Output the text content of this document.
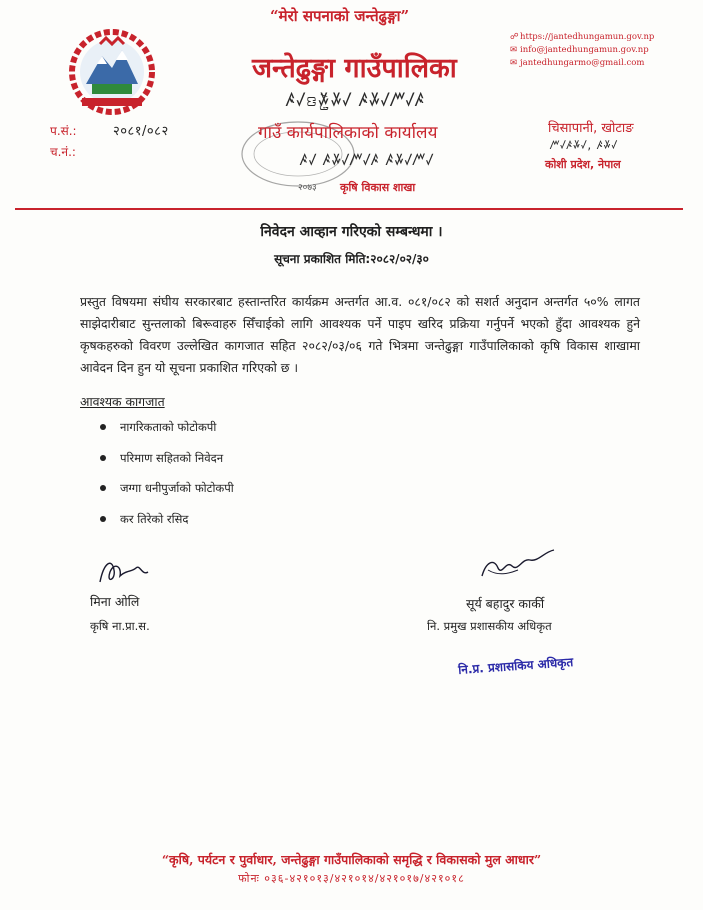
“मेरो सपनाको जन्तेढुङ्गा”
जन्तेढुङ्गा गाउँपालिका
ꤴꤶꤢꤸꤧ꤭ꤸꤶ ꤴꤸꤶꤻꤶꤴ
गाउँ कार्यपालिकाको कार्यालय
ꤴꤶ ꤴꤸꤶꤻꤶꤴ ꤴꤸꤶꤻꤶ
२०७३ कृषि विकास शाखा
☍https://jantedhungamun.gov.np
✉ info@jantedhungamun.gov.np
✉ jantedhungarmo@gmail.com
प.सं.:	२०८१/०८२
च.नं.:
चिसापानी, खोटाङ
ꤻꤶꤴꤸꤶ, ꤴꤸꤶ
कोशी प्रदेश, नेपाल
निवेदन आव्हान गरिएको सम्बन्धमा ।
सूचना प्रकाशित मिति:२०८२/०२/३०
प्रस्तुत विषयमा संघीय सरकारबाट हस्तान्तरित कार्यक्रम अन्तर्गत आ.व. ०८१/०८२ को सशर्त अनुदान अन्तर्गत ५०% लागत साझेदारीबाट सुन्तलाको बिरूवाहरु सिँचाईको लागि आवश्यक पर्ने पाइप खरिद प्रक्रिया गर्नुपर्ने भएको हुँदा आवश्यक हुने कृषकहरुको विवरण उल्लेखित कागजात सहित २०८२/०३/०६ गते भित्रमा जन्तेढुङ्गा गाउँपालिकाको कृषि विकास शाखामा आवेदन दिन हुन यो सूचना प्रकाशित गरिएको छ ।
आवश्यक कागजात
नागरिकताको फोटोकपी
परिमाण सहितको निवेदन
जग्गा धनीपुर्जाको फोटोकपी
कर तिरेको रसिद
मिना ओलि
कृषि ना.प्रा.स.
सूर्य बहादुर कार्की
नि. प्रमुख प्रशासकीय अधिकृत
नि.प्र. प्रशासकिय अधिकृत
“कृषि, पर्यटन र पुर्वाधार, जन्तेढुङ्गा गाउँपालिकाको समृद्धि र विकासको मुल आधार”
फोनः ०३६-४२१०१३/४२१०१४/४२१०१७/४२१०१८
